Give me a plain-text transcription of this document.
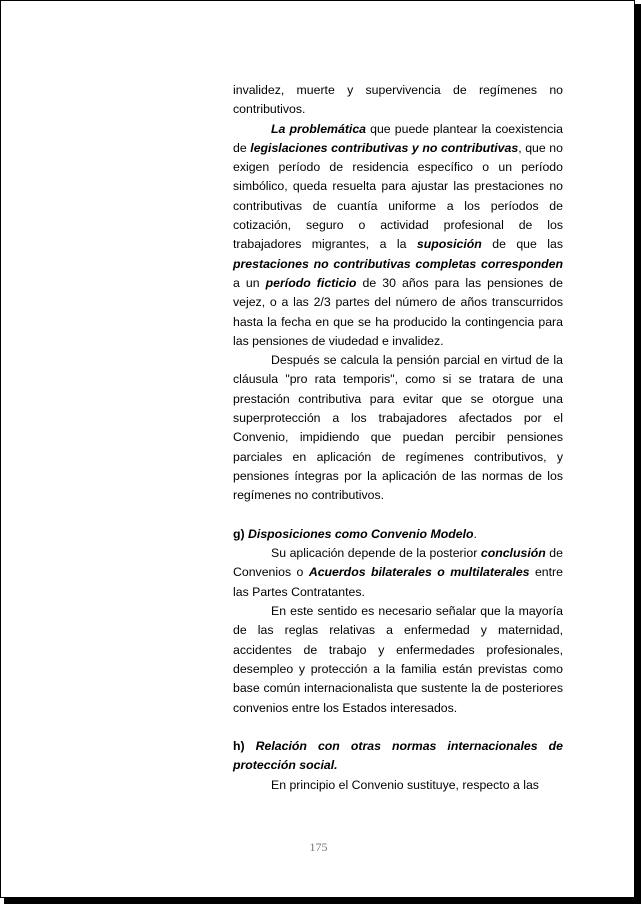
invalidez, muerte y supervivencia de regímenes no contributivos.

La problemática que puede plantear la coexistencia de legislaciones contributivas y no contributivas, que no exigen período de residencia específico o un período simbólico, queda resuelta para ajustar las prestaciones no contributivas de cuantía uniforme a los períodos de cotización, seguro o actividad profesional de los trabajadores migrantes, a la suposición de que las prestaciones no contributivas completas corresponden a un período ficticio de 30 años para las pensiones de vejez, o a las 2/3 partes del número de años transcurridos hasta la fecha en que se ha producido la contingencia para las pensiones de viudedad e invalidez.

Después se calcula la pensión parcial en virtud de la cláusula "pro rata temporis", como si se tratara de una prestación contributiva para evitar que se otorgue una superprotección a los trabajadores afectados por el Convenio, impidiendo que puedan percibir pensiones parciales en aplicación de regímenes contributivos, y pensiones íntegras por la aplicación de las normas de los regímenes no contributivos.

g) Disposiciones como Convenio Modelo.

Su aplicación depende de la posterior conclusión de Convenios o Acuerdos bilaterales o multilaterales entre las Partes Contratantes.

En este sentido es necesario señalar que la mayoría de las reglas relativas a enfermedad y maternidad, accidentes de trabajo y enfermedades profesionales, desempleo y protección a la familia están previstas como base común internacionalista que sustente la de posteriores convenios entre los Estados interesados.

h) Relación con otras normas internacionales de protección social.

En principio el Convenio sustituye, respecto a las

175
